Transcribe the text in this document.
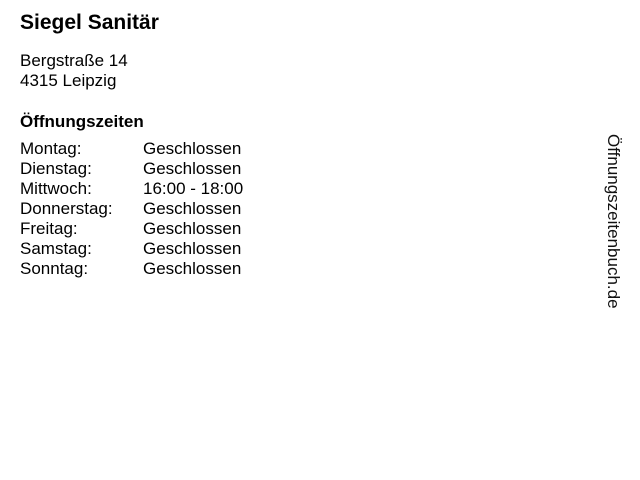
Siegel Sanitär
Bergstraße 14
4315 Leipzig
Öffnungszeiten
Montag:	Geschlossen
Dienstag:	Geschlossen
Mittwoch:	16:00 - 18:00
Donnerstag:	Geschlossen
Freitag:	Geschlossen
Samstag:	Geschlossen
Sonntag:	Geschlossen	Öffnungszeitenbuch.de
